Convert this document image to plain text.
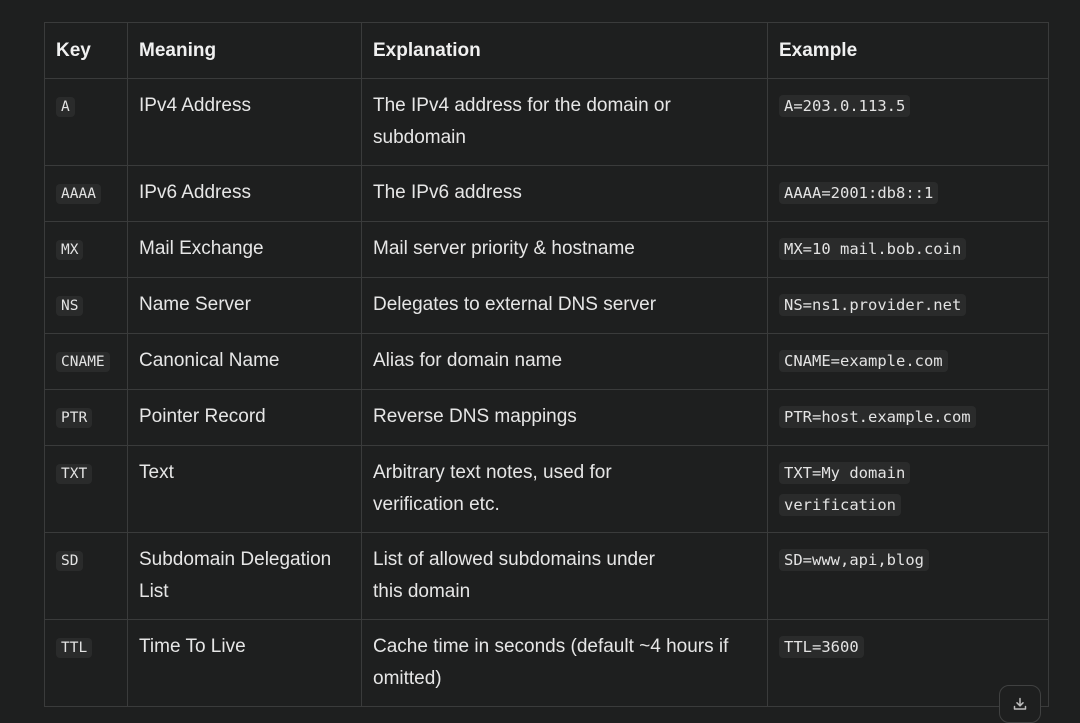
Key	Meaning	Explanation	Example
A	IPv4 Address	The IPv4 address for the domain or subdomain	A=203.0.113.5
AAAA	IPv6 Address	The IPv6 address	AAAA=2001:db8::1
MX	Mail Exchange	Mail server priority & hostname	MX=10 mail.bob.coin
NS	Name Server	Delegates to external DNS server	NS=ns1.provider.net
CNAME	Canonical Name	Alias for domain name	CNAME=example.com
PTR	Pointer Record	Reverse DNS mappings	PTR=host.example.com
TXT	Text	Arbitrary text notes, used for verification etc.	TXT=My domain verification
SD	Subdomain Delegation List	List of allowed subdomains under this domain	SD=www,api,blog
TTL	Time To Live	Cache time in seconds (default ~4 hours if omitted)	TTL=3600
